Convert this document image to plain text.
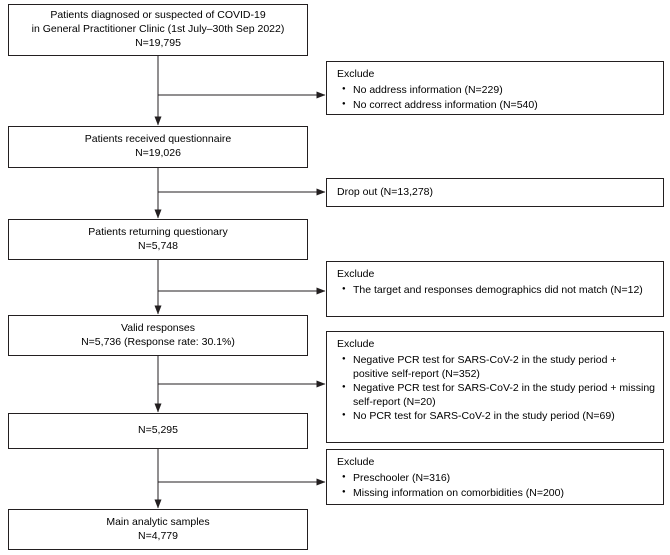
Patients diagnosed or suspected of COVID-19
in General Practitioner Clinic (1st July–30th Sep 2022)
N=19,795
Patients received questionnaire
N=19,026
Patients returning questionary
N=5,748
Valid responses
N=5,736 (Response rate: 30.1%)
N=5,295
Main analytic samples
N=4,779
Exclude
● No address information (N=229)
● No correct address information (N=540)
Drop out (N=13,278)
Exclude
● The target and responses demographics did not match (N=12)
Exclude
● Negative PCR test for SARS-CoV-2 in the study period + positive self-report (N=352)
● Negative PCR test for SARS-CoV-2 in the study period + missing self-report (N=20)
● No PCR test for SARS-CoV-2 in the study period (N=69)
Exclude
● Preschooler (N=316)
● Missing information on comorbidities (N=200)
